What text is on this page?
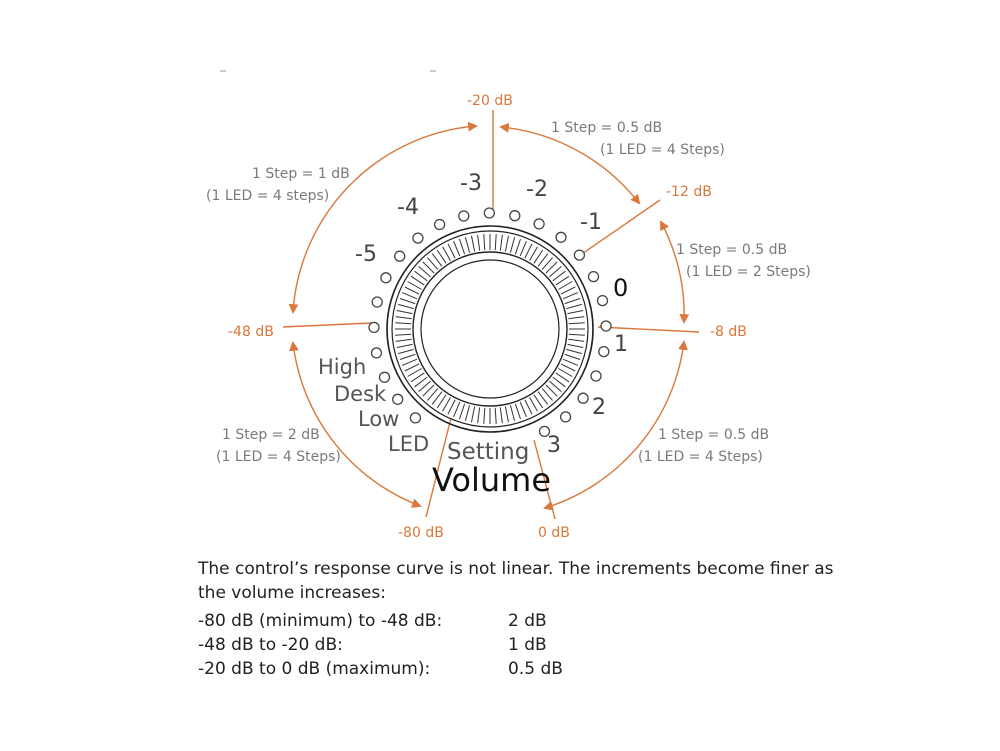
-20 dB
-12 dB
-8 dB
0 dB
-80 dB
-48 dB
1 Step = 0.5 dB
(1 LED = 4 Steps)
1 Step = 0.5 dB
(1 LED = 2 Steps)
1 Step = 0.5 dB
(1 LED = 4 Steps)
1 Step = 2 dB
(1 LED = 4 Steps)
1 Step = 1 dB
(1 LED = 4 steps)
-5
-4
-3 -2
-1
0
1
2
3
High
Desk
Low
LED Setting
Volume

The control’s response curve is not linear. The increments become finer as

the volume increases:

-80 dB (minimum) to -48 dB:	2 dB
-48 dB to -20 dB:	1 dB
-20 dB to 0 dB (maximum):	0.5 dB
